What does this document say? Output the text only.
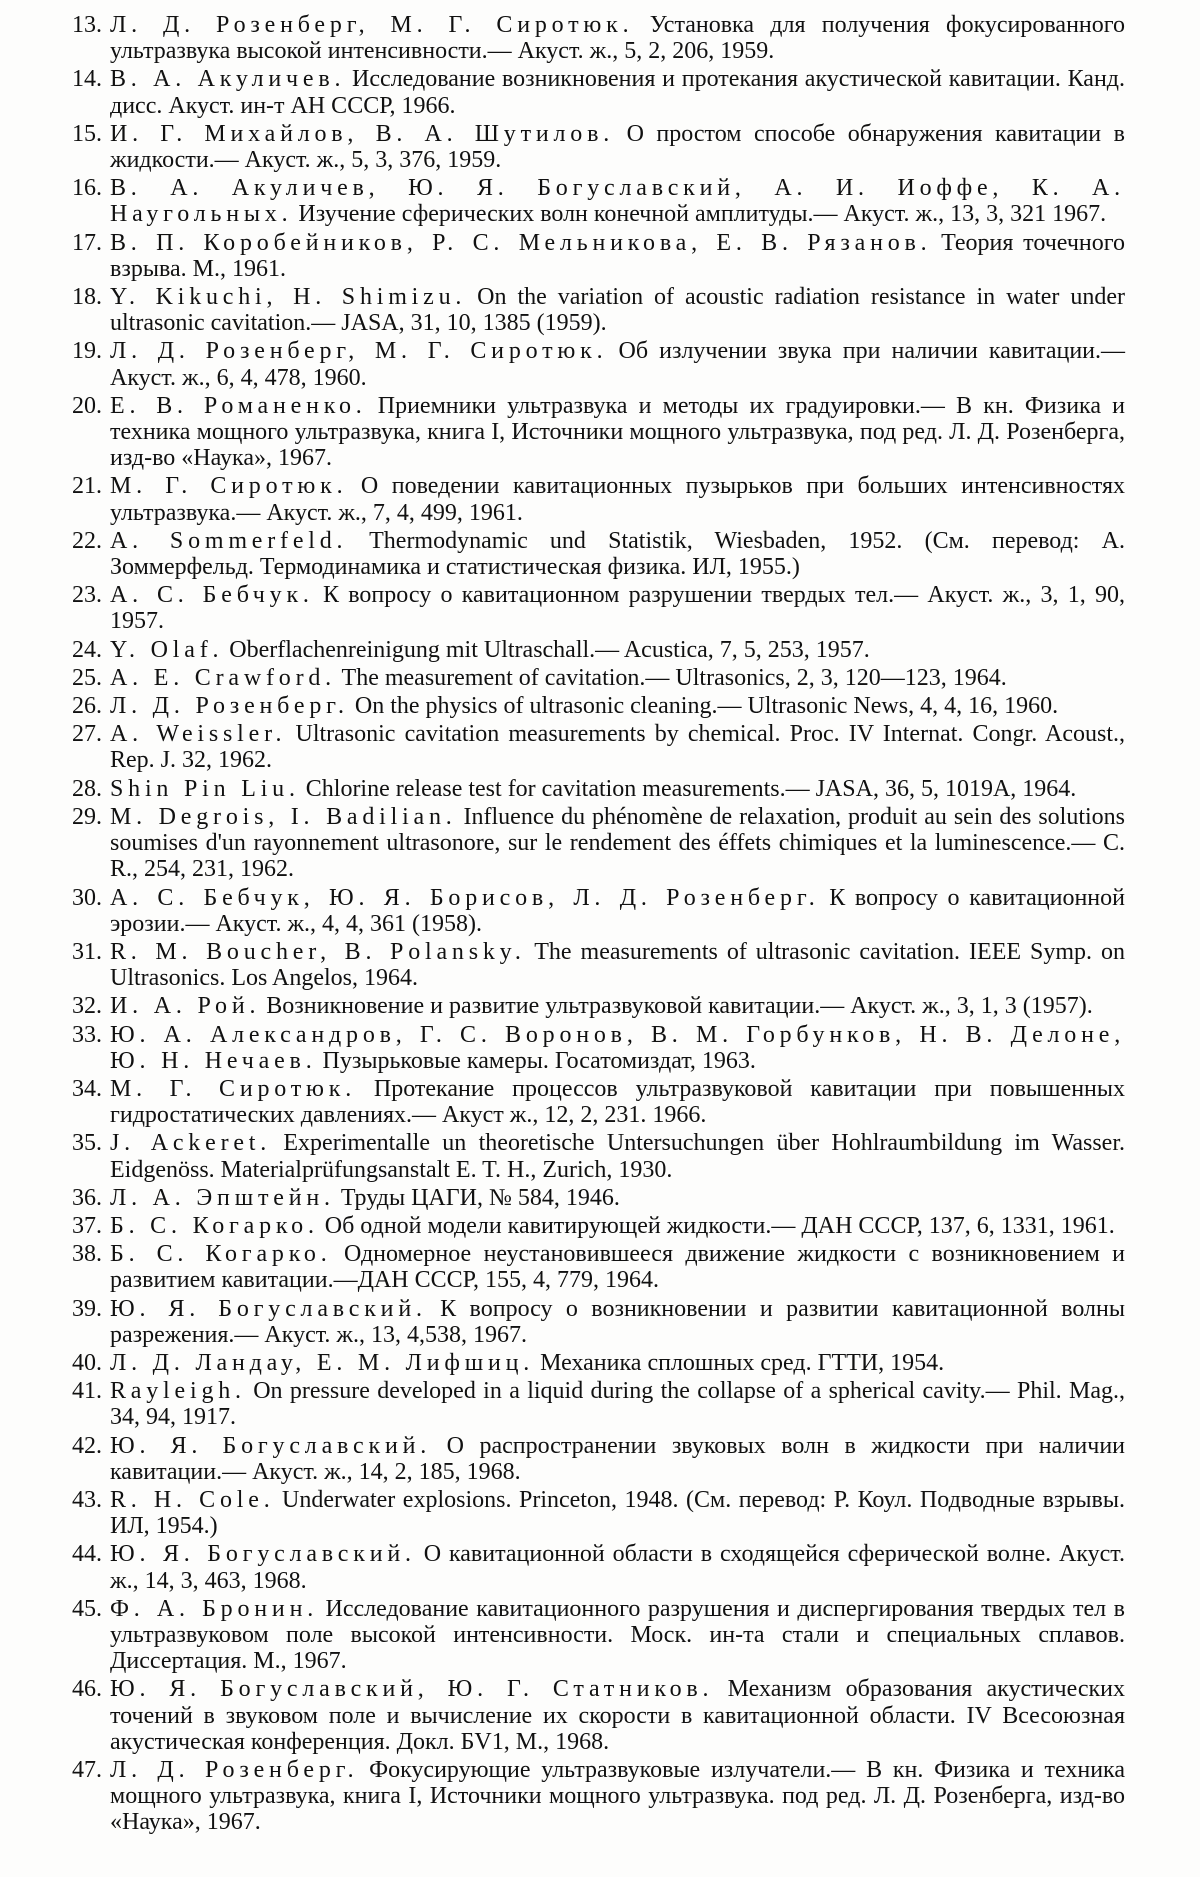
13. Л. Д. Розенберг, М. Г. Сиротюк. Установка для получения фокусированного ультразвука высокой интенсивности.— Акуст. ж., 5, 2, 206, 1959.
14. В. А. Акуличев. Исследование возникновения и протекания акустической кавитации. Канд. дисс. Акуст. ин-т АН СССР, 1966.
15. И. Г. Михайлов, В. А. Шутилов. О простом способе обнаружения кавитации в жидкости.— Акуст. ж., 5, 3, 376, 1959.
16. В. А. Акуличев, Ю. Я. Богуславский, А. И. Иоффе, К. А. Наугольных. Изучение сферических волн конечной амплитуды.— Акуст. ж., 13, 3, 321 1967.
17. В. П. Коробейников, Р. С. Мельникова, Е. В. Рязанов. Теория точечного взрыва. М., 1961.
18. Y. Kikuchi, H. Shimizu. On the variation of acoustic radiation resistance in water under ultrasonic cavitation.— JASA, 31, 10, 1385 (1959).
19. Л. Д. Розенберг, М. Г. Сиротюк. Об излучении звука при наличии кавитации.— Акуст. ж., 6, 4, 478, 1960.
20. Е. В. Романенко. Приемники ультразвука и методы их градуировки.— В кн. Физика и техника мощного ультразвука, книга I, Источники мощного ультразвука, под ред. Л. Д. Розенберга, изд-во «Наука», 1967.
21. М. Г. Сиротюк. О поведении кавитационных пузырьков при больших интенсивностях ультразвука.— Акуст. ж., 7, 4, 499, 1961.
22. A. Sommerfeld. Thermodynamic und Statistik, Wiesbaden, 1952. (См. перевод: А. Зоммерфельд. Термодинамика и статистическая физика. ИЛ, 1955.)
23. А. С. Бебчук. К вопросу о кавитационном разрушении твердых тел.— Акуст. ж., 3, 1, 90, 1957.
24. Y. Olaf. Oberflachenreinigung mit Ultraschall.— Acustica, 7, 5, 253, 1957.
25. A. E. Crawford. The measurement of cavitation.— Ultrasonics, 2, 3, 120—123, 1964.
26. Л. Д. Розенберг. On the physics of ultrasonic cleaning.— Ultrasonic News, 4, 4, 16, 1960.
27. A. Weissler. Ultrasonic cavitation measurements by chemical. Proc. IV Internat. Congr. Acoust., Rep. J. 32, 1962.
28. Shin Pin Liu. Chlorine release test for cavitation measurements.— JASA, 36, 5, 1019A, 1964.
29. M. Degrois, I. Badilian. Influence du phénomène de relaxation, produit au sein des solutions soumises d'un rayonnement ultrasonore, sur le rendement des éffets chimiques et la luminescence.— C. R., 254, 231, 1962.
30. А. С. Бебчук, Ю. Я. Борисов, Л. Д. Розенберг. К вопросу о кавитационной эрозии.— Акуст. ж., 4, 4, 361 (1958).
31. R. M. Boucher, B. Polansky. The measurements of ultrasonic cavitation. IEEE Symp. on Ultrasonics. Los Angelos, 1964.
32. И. А. Рой. Возникновение и развитие ультразвуковой кавитации.— Акуст. ж., 3, 1, 3 (1957).
33. Ю. А. Александров, Г. С. Воронов, В. М. Горбунков, Н. В. Делоне, Ю. Н. Нечаев. Пузырьковые камеры. Госатомиздат, 1963.
34. М. Г. Сиротюк. Протекание процессов ультразвуковой кавитации при повышенных гидростатических давлениях.— Акуст ж., 12, 2, 231. 1966.
35. J. Ackeret. Experimentalle un theoretische Untersuchungen über Hohlraumbildung im Wasser. Eidgenöss. Materialprüfungsanstalt E. T. H., Zurich, 1930.
36. Л. А. Эпштейн. Труды ЦАГИ, № 584, 1946.
37. Б. С. Когарко. Об одной модели кавитирующей жидкости.— ДАН СССР, 137, 6, 1331, 1961.
38. Б. С. Когарко. Одномерное неустановившееся движение жидкости с возникновением и развитием кавитации.—ДАН СССР, 155, 4, 779, 1964.
39. Ю. Я. Богуславский. К вопросу о возникновении и развитии кавитационной волны разрежения.— Акуст. ж., 13, 4,538, 1967.
40. Л. Д. Ландау, Е. М. Лифшиц. Механика сплошных сред. ГТТИ, 1954.
41. Rayleigh. On pressure developed in a liquid during the collapse of a spherical cavity.— Phil. Mag., 34, 94, 1917.
42. Ю. Я. Богуславский. О распространении звуковых волн в жидкости при наличии кавитации.— Акуст. ж., 14, 2, 185, 1968.
43. R. H. Cole. Underwater explosions. Princeton, 1948. (См. перевод: Р. Коул. Подводные взрывы. ИЛ, 1954.)
44. Ю. Я. Богуславский. О кавитационной области в сходящейся сферической волне. Акуст. ж., 14, 3, 463, 1968.
45. Ф. А. Бронин. Исследование кавитационного разрушения и диспергирования твердых тел в ультразвуковом поле высокой интенсивности. Моск. ин-та стали и специальных сплавов. Диссертация. М., 1967.
46. Ю. Я. Богуславский, Ю. Г. Статников. Механизм образования акустических точений в звуковом поле и вычисление их скорости в кавитационной области. IV Всесоюзная акустическая конференция. Докл. БV1, М., 1968.
47. Л. Д. Розенберг. Фокусирующие ультразвуковые излучатели.— В кн. Физика и техника мощного ультразвука, книга I, Источники мощного ультразвука. под ред. Л. Д. Розенберга, изд-во «Наука», 1967.
